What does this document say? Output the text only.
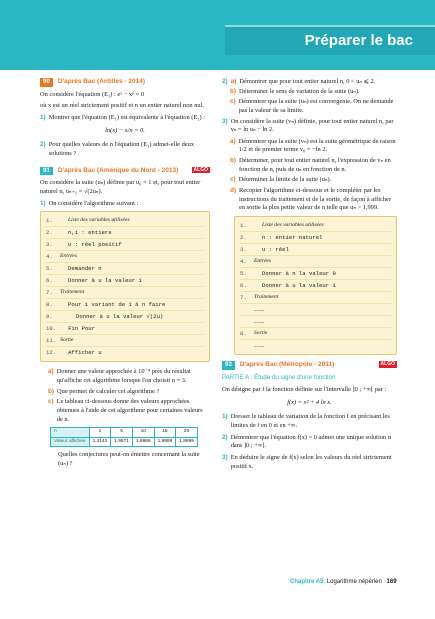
Préparer le bac
90	D'après Bac (Antilles - 2014)

On considère l'équation (E₁) : eˣ − xⁿ = 0

où x est un réel strictement positif et n un entier naturel non nul.

1) Montrer que l'équation (E₁) est équivalente à l'équation (E₂) :
ln(x) − x/n = 0.
2) Pour quelles valeurs de n l'équation (E₁) admet-elle deux solutions ?
91	D'après Bac (Amérique du Nord - 2013)	ALGO

On considère la suite (uₙ) définie par u₀ = 1 et, pour tout entier naturel n, uₙ₊₁ = √(2uₙ).

1) On considère l'algorithme suivant :
1.	Liste des variables utilisées
2.	n,i : entiers
3.	u : réel positif
4.	Entrées
5.	Demander n
6.	Donner à u la valeur 1
7.	Traitement
8.	Pour i variant de 1 à n faire
9.	Donner à u la valeur √(2u)
10.	Fin Pour
11. Sortie
12.	Afficher u
a) Donner une valeur approchée à 10⁻⁴ près du résultat qu'affiche cet algorithme lorsque l'on choisit n = 3.
b) Que permet de calculer cet algorithme ?
c) Le tableau ci-dessous donne des valeurs approchées obtenues à l'aide de cet algorithme pour certaines valeurs de n.
n	1	5	10	15	20
Valeur affichée	1,4142	1,9571	1,9986	1,9999	1,9999

Quelles conjectures peut-on émettre concernant la suite (uₙ) ?

2) a) Démontrer que pour tout entier naturel n, 0 < uₙ ⩽ 2.
b) Déterminer le sens de variation de la suite (uₙ).
c) Démontrer que la suite (uₙ) est convergente. On ne demande pas la valeur de sa limite.
3) On considère la suite (vₙ) définie, pour tout entier naturel n, par vₙ = ln uₙ − ln 2.
a) Démontrer que la suite (vₙ) est la suite géométrique de raison 1/2 et de premier terme v₀ = −ln 2.
b) Déterminer, pour tout entier naturel n, l'expression de vₙ en fonction de n, puis de uₙ en fonction de n.
c) Déterminer la limite de la suite (uₙ).
d) Recopier l'algorithme ci-dessous et le compléter par les instructions du traitement et de la sortie, de façon à afficher en sortie la plus petite valeur de n telle que uₙ > 1,999.
1.	Liste des variables utilisées
2.	n : entier naturel
3.	u : réel
4.	Entrées
5.	Donner à n la valeur 0
6.	Donner à u la valeur 1
7.	Traitement
………
………
8.	Sortie
………
92	D'après Bac (Métropole - 2011)	ALGO
PARTIE A : Étude du signe d'une fonction

On désigne par f la fonction définie sur l'intervalle ]0 ; +∞[ par :

f(x) = x² + 4 ln x.
1) Dresser le tableau de variation de la fonction f en précisant les limites de f en 0 et en +∞.
2) Démontrer que l'équation f(x) = 0 admet une unique solution α dans ]0 ; +∞[.
3) En déduire le signe de f(x) selon les valeurs du réel strictement positif x.
Chapitre A5. Logarithme népérien 169
